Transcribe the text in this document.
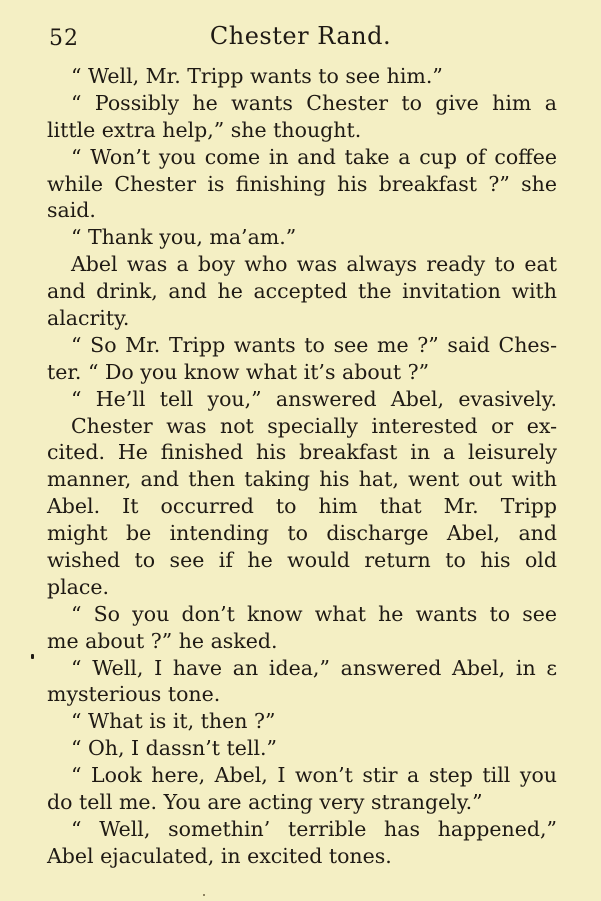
52	Chester Rand.
“ Well, Mr. Tripp wants to see him.”
“ Possibly he wants Chester to give him a
little extra help,” she thought.
“ Won’t you come in and take a cup of coffee
while Chester is finishing his breakfast ?” she
said.
“ Thank you, ma’am.”
Abel was a boy who was always ready to eat
and drink, and he accepted the invitation with
alacrity.
“ So Mr. Tripp wants to see me ?” said Ches-
ter. “ Do you know what it’s about ?”
“ He’ll tell you,” answered Abel, evasively.
Chester was not specially interested or ex-
cited. He finished his breakfast in a leisurely
manner, and then taking his hat, went out with
Abel. It occurred to him that Mr. Tripp
might be intending to discharge Abel, and
wished to see if he would return to his old
place.
“ So you don’t know what he wants to see
me about ?” he asked.
“ Well, I have an idea,” answered Abel, in ɛ
mysterious tone.
“ What is it, then ?”
“ Oh, I dassn’t tell.”
“ Look here, Abel, I won’t stir a step till you
do tell me. You are acting very strangely.”
“ Well, somethin’ terrible has happened,”
Abel ejaculated, in excited tones.
